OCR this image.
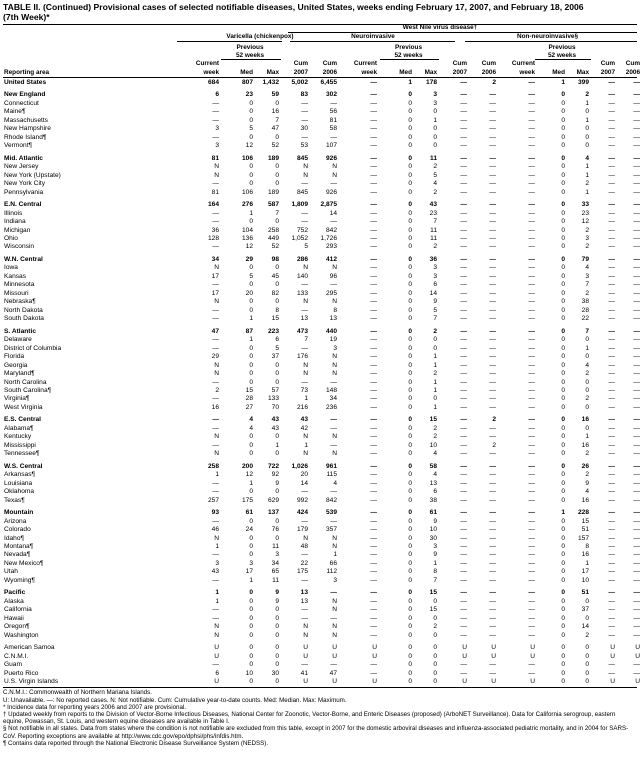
TABLE II. (Continued) Provisional cases of selected notifiable diseases, United States, weeks ending February 17, 2007, and February 18, 2006
(7th Week)*
West Nile virus disease†
Varicella (chickenpox)	Neuroinvasive	Non-neuroinvasive§
Previous
52 weeks
Previous
52 weeks
Previous
52 weeks
Reporting area
Current
week	Med	Max
Cum
2007
Cum
2006
Current
week	Med	Max
Cum
2007
Cum
2006
Current
week	Med	Max
Cum
2007
Cum
2006
United States	684	807	1,432	5,002	6,455	—	1	178	—	2	—	1	399	—	—
New England	6	23	59	83	302	—	0	3	—	—	—	0	2	—	—
Connecticut	—	0	0	—	—	—	0	3	—	—	—	0	1	—	—
Maine¶	—	0	16	—	56	—	0	0	—	—	—	0	0	—	—
Massachusetts	—	0	7	—	81	—	0	1	—	—	—	0	1	—	—
New Hampshire	3	5	47	30	58	—	0	0	—	—	—	0	0	—	—
Rhode Island¶	—	0	0	—	—	—	0	0	—	—	—	0	0	—	—
Vermont¶	3	12	52	53	107	—	0	0	—	—	—	0	0	—	—
Mid. Atlantic	81	106	189	845	926	—	0	11	—	—	—	0	4	—	—
New Jersey	N	0	0	N	N	—	0	2	—	—	—	0	1	—	—
New York (Upstate)	N	0	0	N	N	—	0	5	—	—	—	0	1	—	—
New York City	—	0	0	—	—	—	0	4	—	—	—	0	2	—	—
Pennsylvania	81	106	189	845	926	—	0	2	—	—	—	0	1	—	—
E.N. Central	164	276	587	1,809	2,875	—	0	43	—	—	—	0	33	—	—
Illinois	—	1	7	—	14	—	0	23	—	—	—	0	23	—	—
Indiana	—	0	0	—	—	—	0	7	—	—	—	0	12	—	—
Michigan	36	104	258	752	842	—	0	11	—	—	—	0	2	—	—
Ohio	128	136	449	1,052	1,726	—	0	11	—	—	—	0	3	—	—
Wisconsin	—	12	52	5	293	—	0	2	—	—	—	0	2	—	—
W.N. Central	34	29	98	286	412	—	0	36	—	—	—	0	79	—	—
Iowa	N	0	0	N	N	—	0	3	—	—	—	0	4	—	—
Kansas	17	5	45	140	96	—	0	3	—	—	—	0	3	—	—
Minnesota	—	0	0	—	—	—	0	6	—	—	—	0	7	—	—
Missouri	17	20	82	133	295	—	0	14	—	—	—	0	2	—	—
Nebraska¶	N	0	0	N	N	—	0	9	—	—	—	0	38	—	—
North Dakota	—	0	8	—	8	—	0	5	—	—	—	0	28	—	—
South Dakota	—	1	15	13	13	—	0	7	—	—	—	0	22	—	—
S. Atlantic	47	87	223	473	440	—	0	2	—	—	—	0	7	—	—
Delaware	—	1	6	7	19	—	0	0	—	—	—	0	0	—	—
District of Columbia	—	0	5	—	3	—	0	0	—	—	—	0	1	—	—
Florida	29	0	37	176	N	—	0	1	—	—	—	0	0	—	—
Georgia	N	0	0	N	N	—	0	1	—	—	—	0	4	—	—
Maryland¶	N	0	0	N	N	—	0	2	—	—	—	0	2	—	—
North Carolina	—	0	0	—	—	—	0	1	—	—	—	0	0	—	—
South Carolina¶	2	15	57	73	148	—	0	1	—	—	—	0	0	—	—
Virginia¶	—	28	133	1	34	—	0	0	—	—	—	0	2	—	—
West Virginia	16	27	70	216	236	—	0	1	—	—	—	0	0	—	—
E.S. Central	—	4	43	43	—	—	0	15	—	2	—	0	16	—	—
Alabama¶	—	4	43	42	—	—	0	2	—	—	—	0	0	—	—
Kentucky	N	0	0	N	N	—	0	2	—	—	—	0	1	—	—
Mississippi	—	0	1	1	—	—	0	10	—	2	—	0	16	—	—
Tennessee¶	N	0	0	N	N	—	0	4	—	—	—	0	2	—	—
W.S. Central	258	200	722	1,026	961	—	0	58	—	—	—	0	26	—	—
Arkansas¶	1	12	92	20	115	—	0	4	—	—	—	0	2	—	—
Louisiana	—	1	9	14	4	—	0	13	—	—	—	0	9	—	—
Oklahoma	—	0	0	—	—	—	0	6	—	—	—	0	4	—	—
Texas¶	257	175	629	992	842	—	0	38	—	—	—	0	16	—	—
Mountain	93	61	137	424	539	—	0	61	—	—	—	1	228	—	—
Arizona	—	0	0	—	—	—	0	9	—	—	—	0	15	—	—
Colorado	46	24	76	179	357	—	0	10	—	—	—	0	51	—	—
Idaho¶	N	0	0	N	N	—	0	30	—	—	—	0	157	—	—
Montana¶	1	0	11	48	N	—	0	3	—	—	—	0	8	—	—
Nevada¶	—	0	3	—	1	—	0	9	—	—	—	0	16	—	—
New Mexico¶	3	3	34	22	66	—	0	1	—	—	—	0	1	—	—
Utah	43	17	65	175	112	—	0	8	—	—	—	0	17	—	—
Wyoming¶	—	1	11	—	3	—	0	7	—	—	—	0	10	—	—
Pacific	1	0	9	13	—	—	0	15	—	—	—	0	51	—	—
Alaska	1	0	9	13	N	—	0	0	—	—	—	0	0	—	—
California	—	0	0	—	N	—	0	15	—	—	—	0	37	—	—
Hawaii	—	0	0	—	—	—	0	0	—	—	—	0	0	—	—
Oregon¶	N	0	0	N	N	—	0	2	—	—	—	0	14	—	—
Washington	N	0	0	N	N	—	0	0	—	—	—	0	2	—	—
American Samoa	U	0	0	U	U	U	0	0	U	U	U	0	0	U	U
C.N.M.I.	U	0	0	U	U	U	0	0	U	U	U	0	0	U	U
Guam	—	0	0	—	—	—	0	0	—	—	—	0	0	—	—
Puerto Rico	6	10	30	41	47	—	0	0	—	—	—	0	0	—	—
U.S. Virgin Islands	U	0	0	U	U	U	0	0	U	U	U	0	0	U	U
C.N.M.I.: Commonwealth of Northern Mariana Islands.
U: Unavailable. —: No reported cases. N: Not notifiable. Cum: Cumulative year-to-date counts. Med: Median. Max: Maximum.
* Incidence data for reporting years 2006 and 2007 are provisional.
† Updated weekly from reports to the Division of Vector-Borne Infectious Diseases, National Center for Zoonotic, Vector-Borne, and Enteric Diseases (proposed) (ArboNET Surveillance). Data for California serogroup, eastern equine, Powassan, St. Louis, and western equine diseases are available in Table I.
§ Not notifiable in all states. Data from states where the condition is not notifiable are excluded from this table, except in 2007 for the domestic arboviral diseases and influenza-associated pediatric mortality, and in 2004 for SARS-CoV. Reporting exceptions are available at http://www.cdc.gov/epo/dphsi/phs/infdis.htm.
¶ Contains data reported through the National Electronic Disease Surveillance System (NEDSS).
